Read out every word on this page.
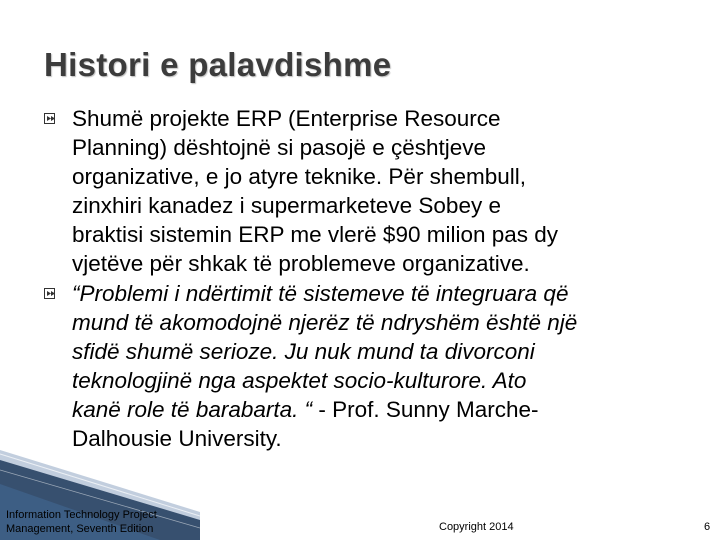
Histori e palavdishme

Shumë projekte ERP (Enterprise Resource
Planning) dështojnë si pasojë e çështjeve
organizative, e jo atyre teknike. Për shembull,
zinxhiri kanadez i supermarketeve Sobey e
braktisi sistemin ERP me vlerë $90 milion pas dy
vjetëve për shkak të problemeve organizative.

“Problemi i ndërtimit të sistemeve të integruara që
mund të akomodojnë njerëz të ndryshëm është një
sfidë shumë serioze. Ju nuk mund ta divorconi
teknologjinë nga aspektet socio-kulturore. Ato
kanë role të barabarta. “ - Prof. Sunny Marche-
Dalhousie University.

Information Technology Project
Management, Seventh Edition	Copyright 2014	6
